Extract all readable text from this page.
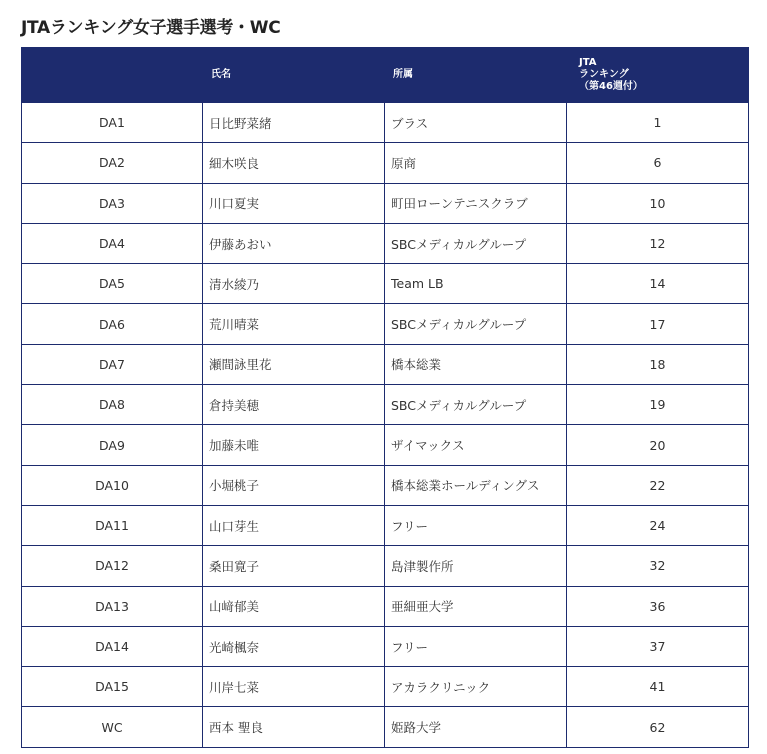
JTAランキング女子選手選考・WC
	氏名	所属	JTA
ランキング
（第46週付）

DA1	日比野菜緒	ブラス	1
DA2	細木咲良	原商	6
DA3	川口夏実	町田ローンテニスクラブ	10
DA4	伊藤あおい	SBCメディカルグループ	12
DA5	清水綾乃	Team LB	14
DA6	荒川晴菜	SBCメディカルグループ	17
DA7	瀬間詠里花	橋本総業	18
DA8	倉持美穂	SBCメディカルグループ	19
DA9	加藤未唯	ザイマックス	20
DA10	小堀桃子	橋本総業ホールディングス	22
DA11	山口芽生	フリー	24
DA12	桑田寛子	島津製作所	32
DA13	山﨑郁美	亜細亜大学	36
DA14	光崎楓奈	フリー	37
DA15	川岸七菜	アカラクリニック	41
WC	西本 聖良	姫路大学	62
